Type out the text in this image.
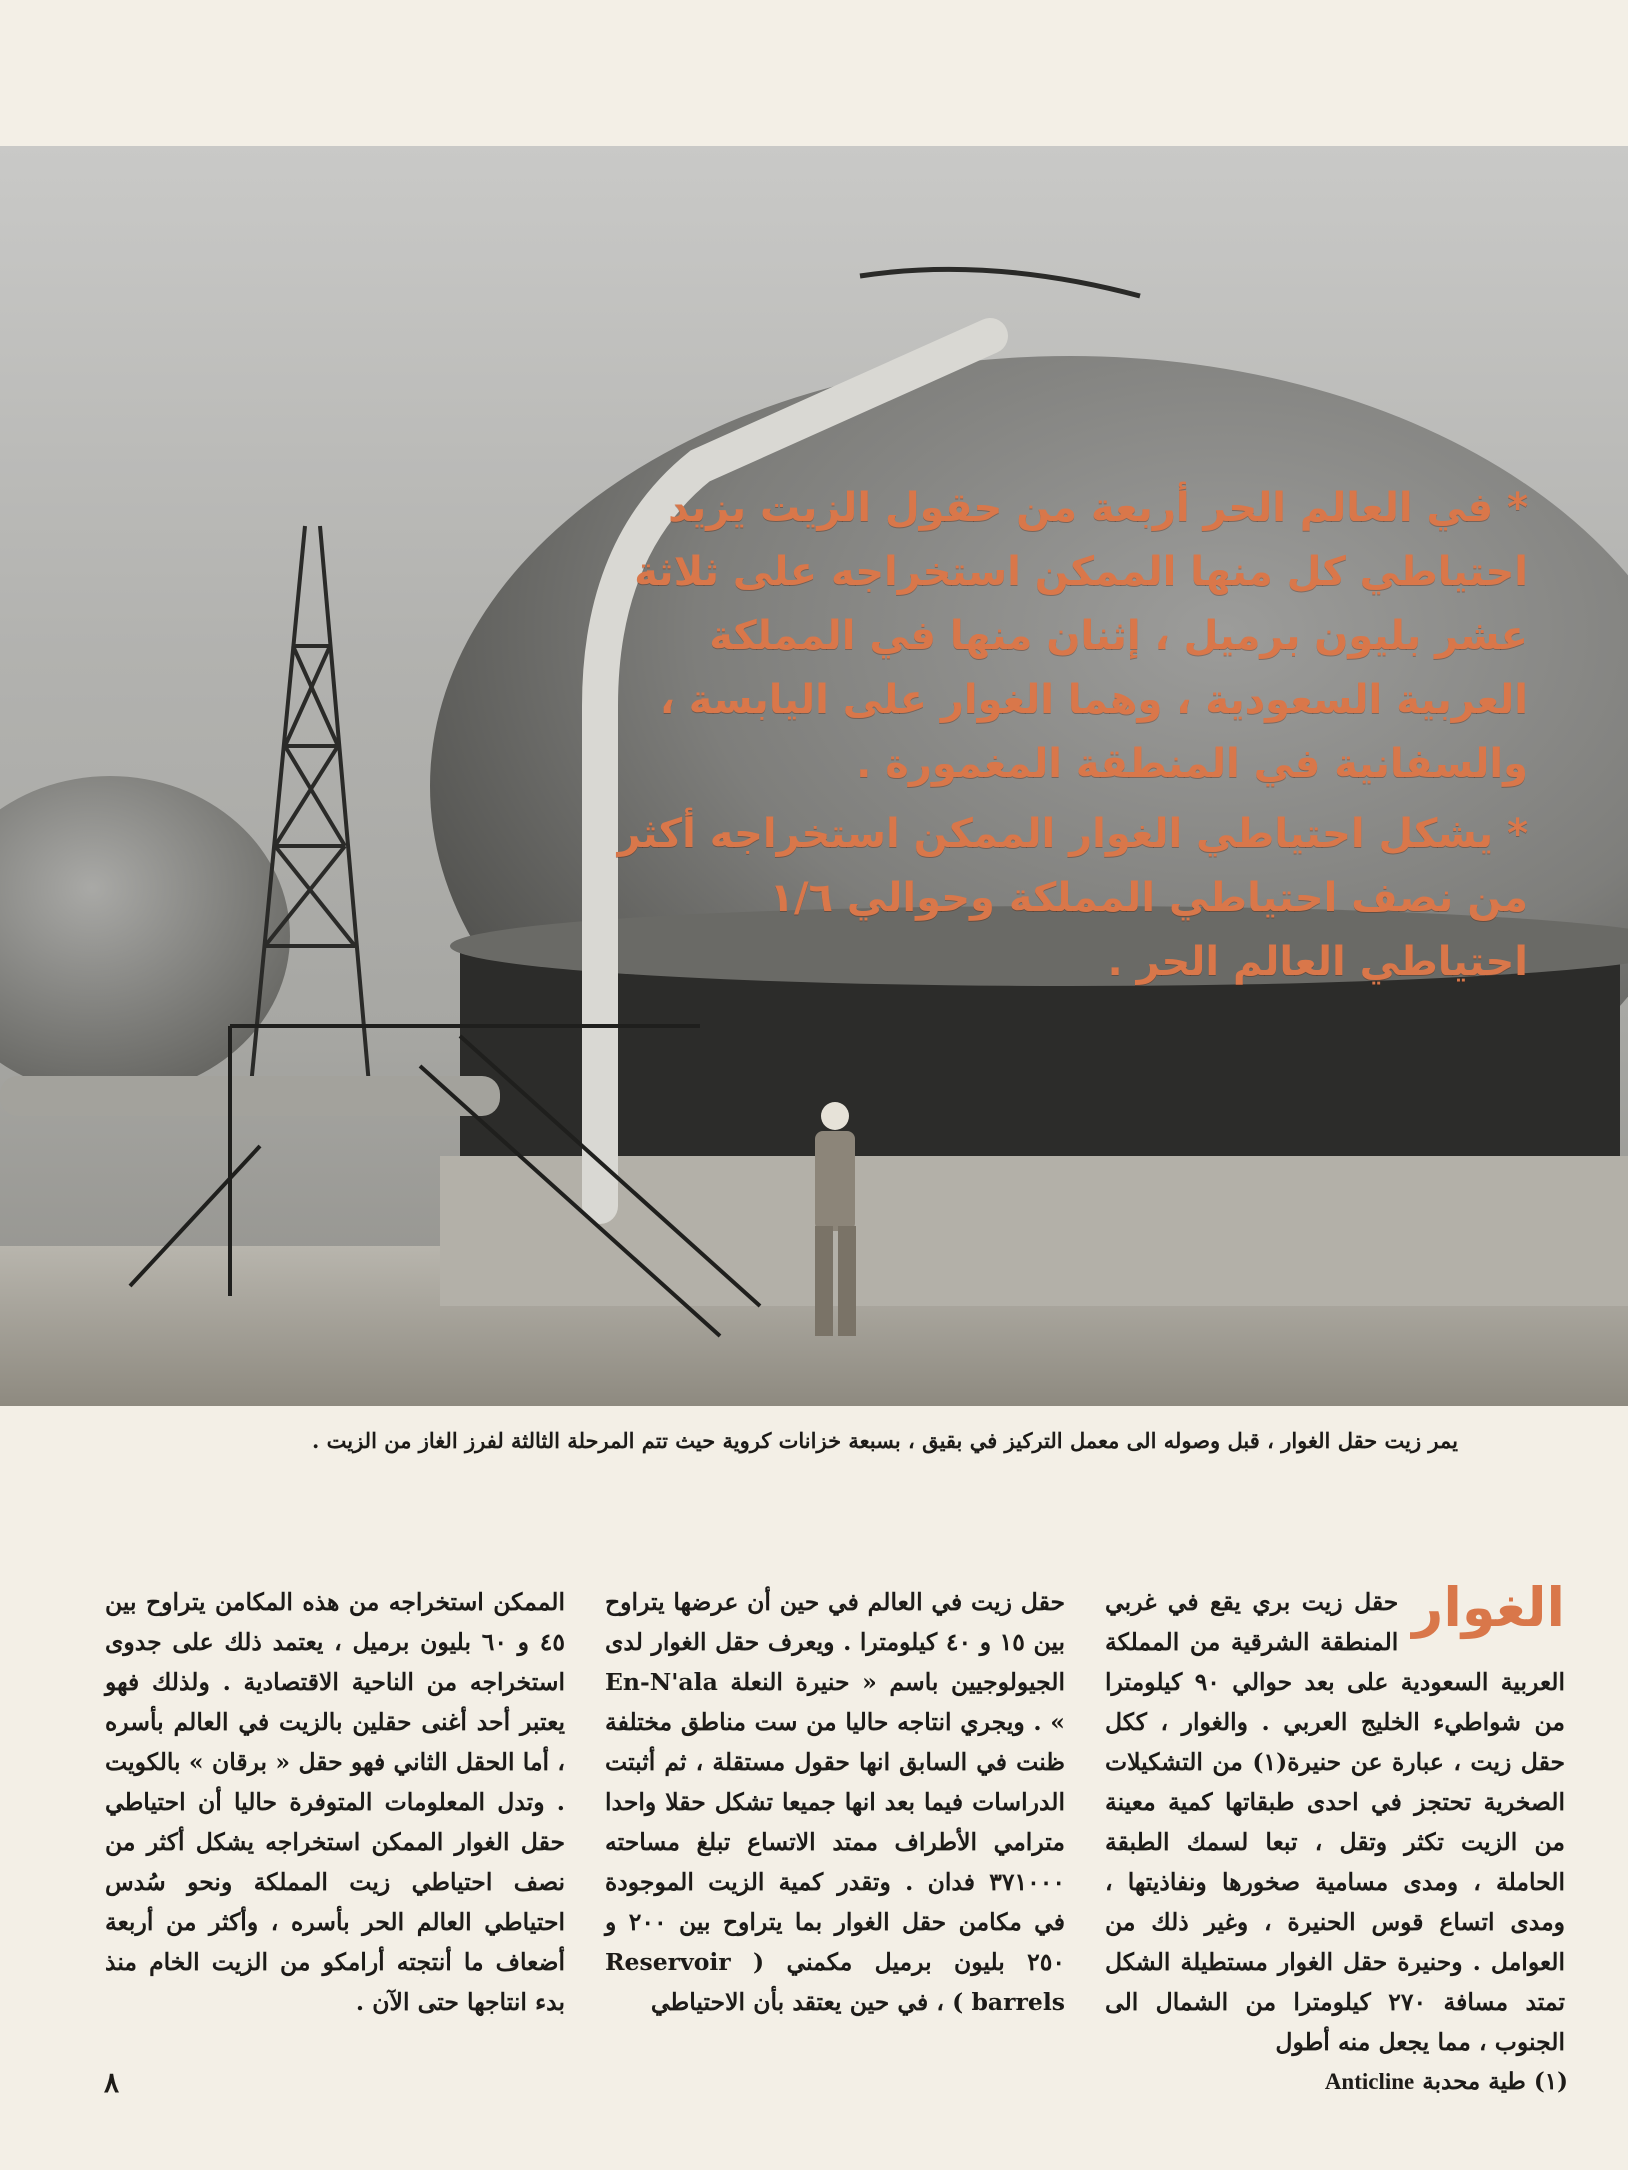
* في العالم الحر أربعة من حقول الزيت يزيد احتياطي كل منها الممكن استخراجه على ثلاثة عشر بليون برميل ، إثنان منها في المملكة العربية السعودية ، وهما الغوار على اليابسة ، والسفانية في المنطقة المغمورة .

* يشكل احتياطي الغوار الممكن استخراجه أكثر من نصف احتياطي المملكة وحوالي ١/٦ احتياطي العالم الحر .

يمر زيت حقل الغوار ، قبل وصوله الى معمل التركيز في بقيق ، بسبعة خزانات كروية حيث تتم المرحلة الثالثة لفرز الغاز من الزيت .
الغوار
حقل زيت بري يقع في غربي المنطقة الشرقية من المملكة العربية السعودية على بعد حوالي ٩٠ كيلومترا من شواطيء الخليج العربي . والغوار ، ككل حقل زيت ، عبارة عن حنيرة(١) من التشكيلات الصخرية تحتجز في احدى طبقاتها كمية معينة من الزيت تكثر وتقل ، تبعا لسمك الطبقة الحاملة ، ومدى مسامية صخورها ونفاذيتها ، ومدى اتساع قوس الحنيرة ، وغير ذلك من العوامل . وحنيرة حقل الغوار مستطيلة الشكل تمتد مسافة ٢٧٠ كيلومترا من الشمال الى الجنوب ، مما يجعل منه أطول
حقل زيت في العالم في حين أن عرضها يتراوح بين ١٥ و ٤٠ كيلومترا . ويعرف حقل الغوار لدى الجيولوجيين باسم « حنيرة النعلة En-N'ala » . ويجري انتاجه حاليا من ست مناطق مختلفة ظنت في السابق انها حقول مستقلة ، ثم أثبتت الدراسات فيما بعد انها جميعا تشكل حقلا واحدا مترامي الأطراف ممتد الاتساع تبلغ مساحته ٣٧١٠٠٠ فدان . وتقدر كمية الزيت الموجودة في مكامن حقل الغوار بما يتراوح بين ٢٠٠ و ٢٥٠ بليون برميل مكمني ( Reservoir barrels ) ، في حين يعتقد بأن الاحتياطي
الممكن استخراجه من هذه المكامن يتراوح بين ٤٥ و ٦٠ بليون برميل ، يعتمد ذلك على جدوى استخراجه من الناحية الاقتصادية . ولذلك فهو يعتبر أحد أغنى حقلين بالزيت في العالم بأسره ، أما الحقل الثاني فهو حقل « برقان » بالكويت . وتدل المعلومات المتوفرة حاليا أن احتياطي حقل الغوار الممكن استخراجه يشكل أكثر من نصف احتياطي زيت المملكة ونحو سُدس احتياطي العالم الحر بأسره ، وأكثر من أربعة أضعاف ما أنتجته أرامكو من الزيت الخام منذ بدء انتاجها حتى الآن .
(١) طية محدبة Anticline
٨
